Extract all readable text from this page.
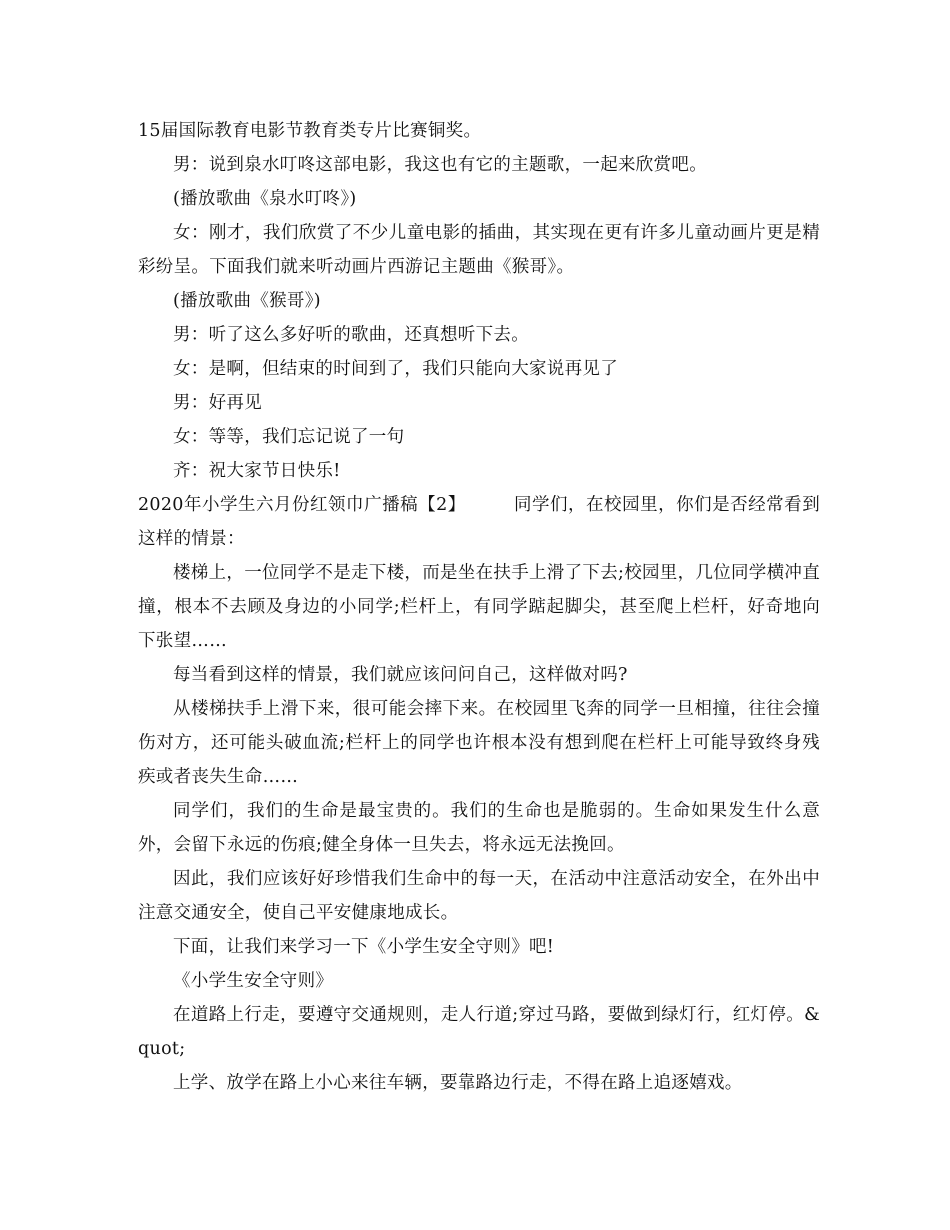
15届国际教育电影节教育类专片比赛铜奖。

男：说到泉水叮咚这部电影，我这也有它的主题歌，一起来欣赏吧。

(播放歌曲《泉水叮咚》)

女：刚才，我们欣赏了不少儿童电影的插曲，其实现在更有许多儿童动画片更是精彩纷呈。下面我们就来听动画片西游记主题曲《猴哥》。

(播放歌曲《猴哥》)

男：听了这么多好听的歌曲，还真想听下去。

女：是啊，但结束的时间到了，我们只能向大家说再见了

男：好再见

女：等等，我们忘记说了一句

齐：祝大家节日快乐!

2020年小学生六月份红领巾广播稿【2】	同学们，在校园里，你们是否经常看到这样的情景：

楼梯上，一位同学不是走下楼，而是坐在扶手上滑了下去;校园里，几位同学横冲直撞，根本不去顾及身边的小同学;栏杆上，有同学踮起脚尖，甚至爬上栏杆，好奇地向下张望……

每当看到这样的情景，我们就应该问问自己，这样做对吗?

从楼梯扶手上滑下来，很可能会摔下来。在校园里飞奔的同学一旦相撞，往往会撞伤对方，还可能头破血流;栏杆上的同学也许根本没有想到爬在栏杆上可能导致终身残疾或者丧失生命……

同学们，我们的生命是最宝贵的。我们的生命也是脆弱的。生命如果发生什么意外，会留下永远的伤痕;健全身体一旦失去，将永远无法挽回。

因此，我们应该好好珍惜我们生命中的每一天，在活动中注意活动安全，在外出中注意交通安全，使自己平安健康地成长。

下面，让我们来学习一下《小学生安全守则》吧!

《小学生安全守则》

在道路上行走，要遵守交通规则，走人行道;穿过马路，要做到绿灯行，红灯停。&quot;

上学、放学在路上小心来往车辆，要靠路边行走，不得在路上追逐嬉戏。
